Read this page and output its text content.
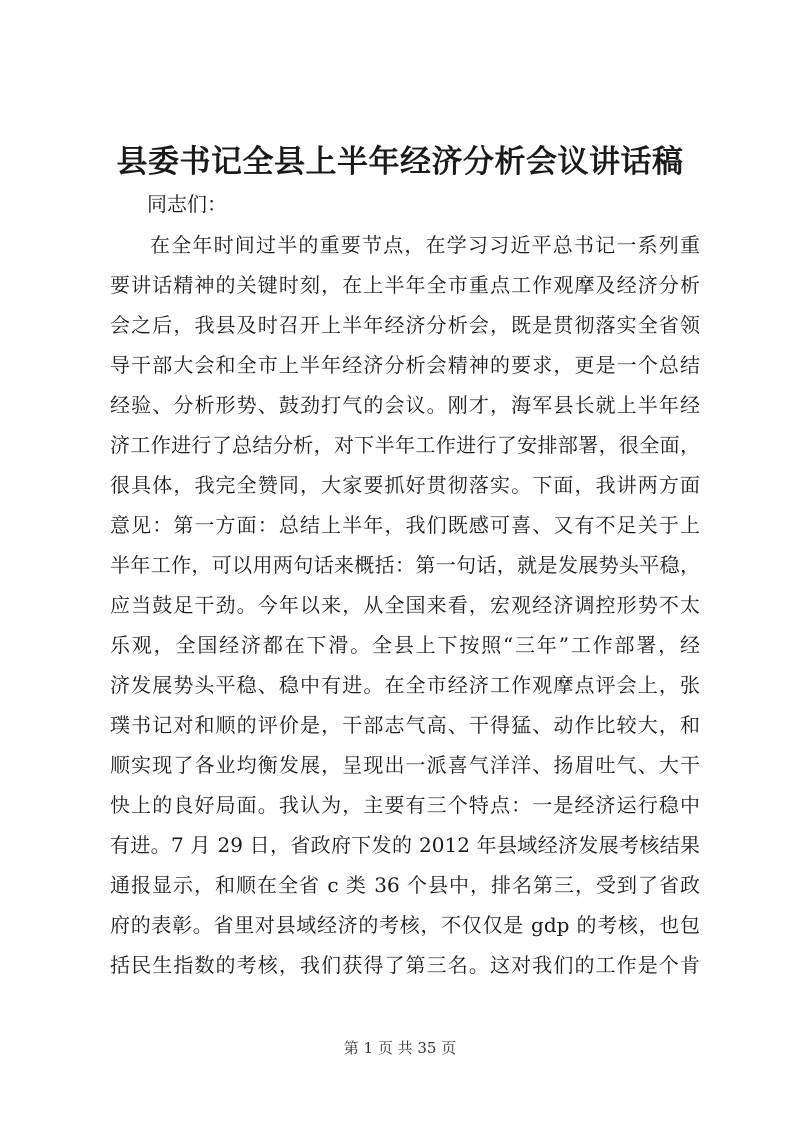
县委书记全县上半年经济分析会议讲话稿

同志们：

在全年时间过半的重要节点，在学习习近平总书记一系列重
要讲话精神的关键时刻，在上半年全市重点工作观摩及经济分析
会之后，我县及时召开上半年经济分析会，既是贯彻落实全省领
导干部大会和全市上半年经济分析会精神的要求，更是一个总结
经验、分析形势、鼓劲打气的会议。刚才，海军县长就上半年经
济工作进行了总结分析，对下半年工作进行了安排部署，很全面，
很具体，我完全赞同，大家要抓好贯彻落实。下面，我讲两方面
意见：第一方面：总结上半年，我们既感可喜、又有不足关于上
半年工作，可以用两句话来概括：第一句话，就是发展势头平稳，
应当鼓足干劲。今年以来，从全国来看，宏观经济调控形势不太
乐观，全国经济都在下滑。全县上下按照“三年”工作部署，经
济发展势头平稳、稳中有进。在全市经济工作观摩点评会上，张
璞书记对和顺的评价是，干部志气高、干得猛、动作比较大，和
顺实现了各业均衡发展，呈现出一派喜气洋洋、扬眉吐气、大干
快上的良好局面。我认为，主要有三个特点：一是经济运行稳中
有进。7 月 29 日，省政府下发的 2012 年县域经济发展考核结果
通报显示，和顺在全省 c 类 36 个县中，排名第三，受到了省政
府的表彰。省里对县域经济的考核，不仅仅是 gdp 的考核，也包
括民生指数的考核，我们获得了第三名。这对我们的工作是个肯

第 1 页 共 35 页
